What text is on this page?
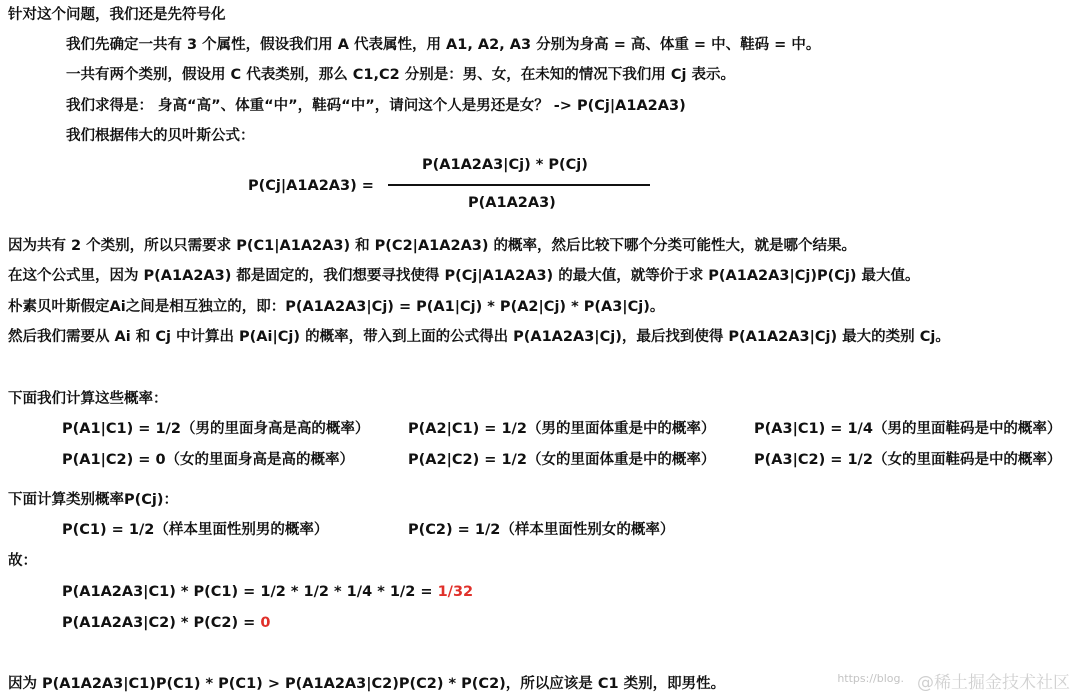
针对这个问题，我们还是先符号化
我们先确定一共有 3 个属性，假设我们用 A 代表属性，用 A1, A2, A3 分别为身高 = 高、体重 = 中、鞋码 = 中。
一共有两个类别，假设用 C 代表类别，那么 C1,C2 分别是：男、女，在未知的情况下我们用 Cj 表示。
我们求得是： 身高“高”、体重“中”，鞋码“中”，请问这个人是男还是女？ -> P(Cj|A1A2A3)
我们根据伟大的贝叶斯公式：
P(Cj|A1A2A3) =
P(A1A2A3|Cj) * P(Cj)
P(A1A2A3)
因为共有 2 个类别，所以只需要求 P(C1|A1A2A3) 和 P(C2|A1A2A3) 的概率，然后比较下哪个分类可能性大，就是哪个结果。
在这个公式里，因为 P(A1A2A3) 都是固定的，我们想要寻找使得 P(Cj|A1A2A3) 的最大值，就等价于求 P(A1A2A3|Cj)P(Cj) 最大值。
朴素贝叶斯假定Ai之间是相互独立的，即：P(A1A2A3|Cj) = P(A1|Cj) * P(A2|Cj) * P(A3|Cj)。
然后我们需要从 Ai 和 Cj 中计算出 P(Ai|Cj) 的概率，带入到上面的公式得出 P(A1A2A3|Cj)，最后找到使得 P(A1A2A3|Cj) 最大的类别 Cj。
下面我们计算这些概率：
P(A1|C1) = 1/2（男的里面身高是高的概率）	P(A2|C1) = 1/2（男的里面体重是中的概率）	P(A3|C1) = 1/4（男的里面鞋码是中的概率）
P(A1|C2) = 0（女的里面身高是高的概率）	P(A2|C2) = 1/2（女的里面体重是中的概率）	P(A3|C2) = 1/2（女的里面鞋码是中的概率）
下面计算类别概率P(Cj)：
P(C1) = 1/2（样本里面性别男的概率）	P(C2) = 1/2（样本里面性别女的概率）
故：
P(A1A2A3|C1) * P(C1) = 1/2 * 1/2 * 1/4 * 1/2 = 1/32
P(A1A2A3|C2) * P(C2) = 0
因为 P(A1A2A3|C1)P(C1) * P(C1) > P(A1A2A3|C2)P(C2) * P(C2)，所以应该是 C1 类别，即男性。	https://blog. @稀土掘金技术社区
